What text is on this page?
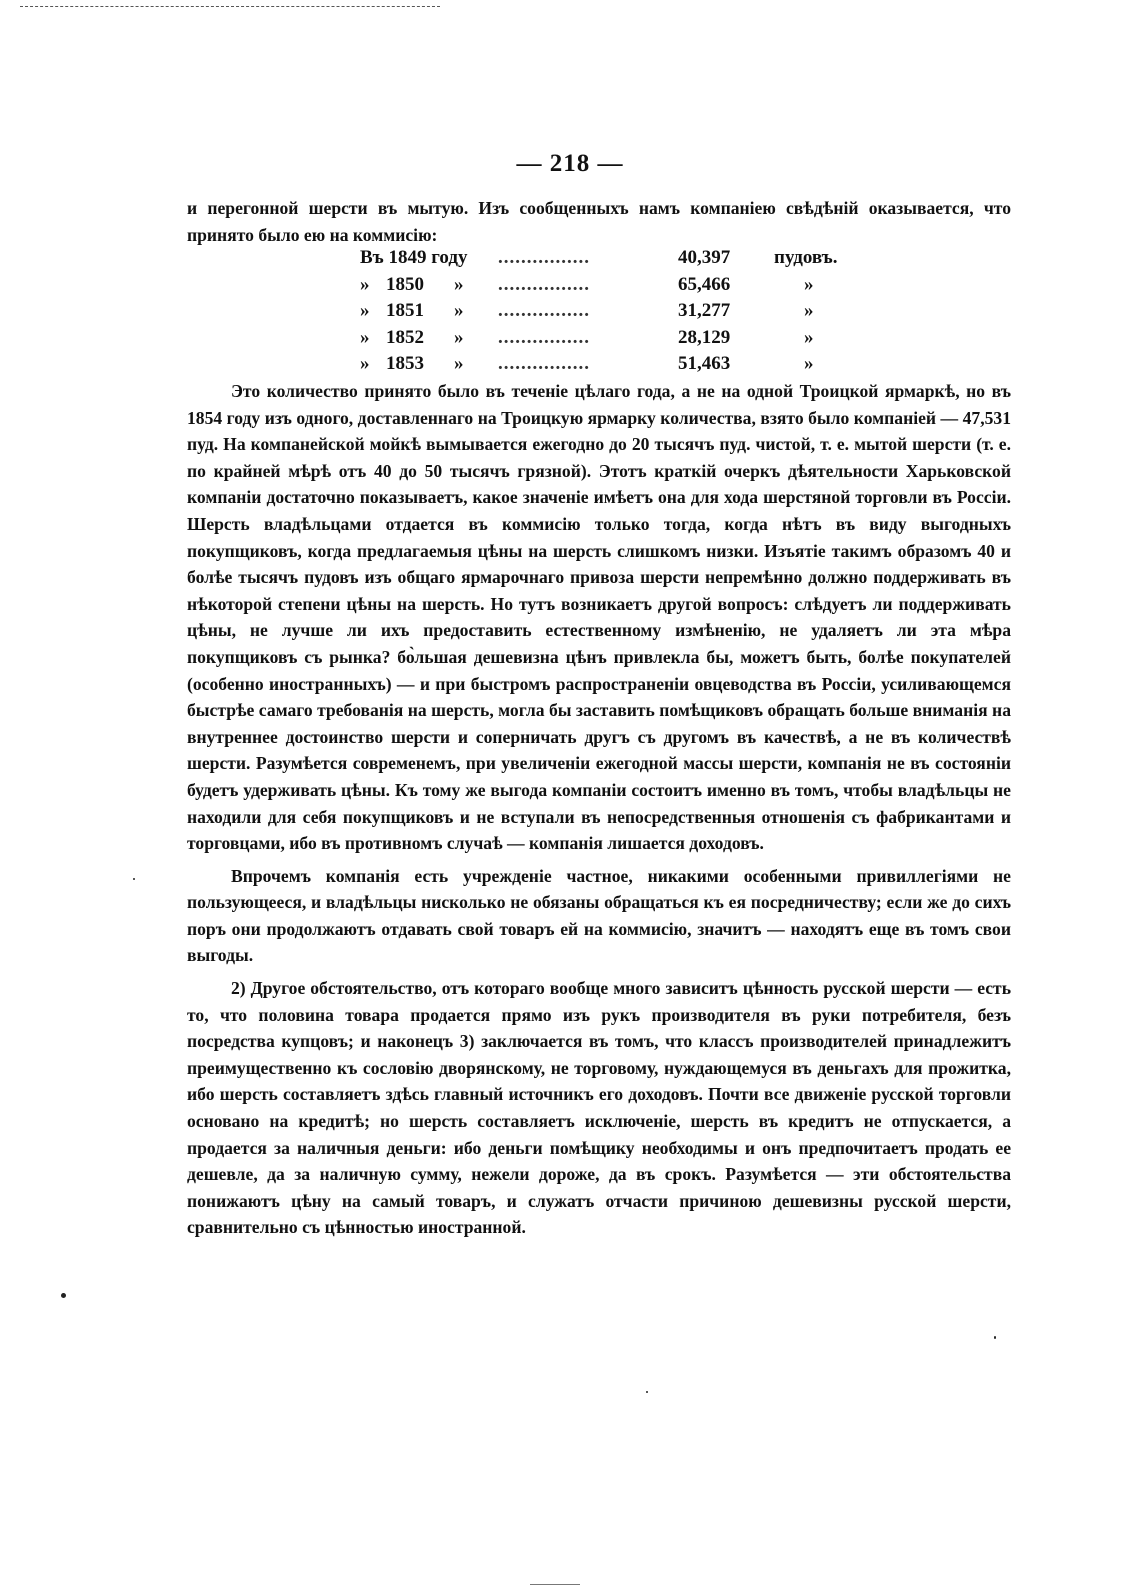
— 218 —

и перегонной шерсти въ мытую. Изъ сообщенныхъ намъ компаніею свѣдѣній оказывается, что принято было ею на коммисію:

Въ 1849 году	................	40,397	пудовъ.
» 1850 »	................	65,466	»
» 1851 »	................	31,277	»
» 1852 »	................	28,129	»
» 1853 »	................	51,463	»

Это количество принято было въ теченіе цѣлаго года, а не на одной Троицкой ярмаркѣ, но въ 1854 году изъ одного, доставленнаго на Троицкую ярмарку количества, взято было компаніей — 47,531 пуд. На компанейской мойкѣ вымывается ежегодно до 20 тысячъ пуд. чистой, т. е. мытой шерсти (т. е. по крайней мѣрѣ отъ 40 до 50 тысячъ грязной). Этотъ краткій очеркъ дѣятельности Харьковской компаніи достаточно показываетъ, какое значеніе имѣетъ она для хода шерстяной торговли въ Россіи. Шерсть владѣльцами отдается въ коммисію только тогда, когда нѣтъ въ виду выгодныхъ покупщиковъ, когда предлагаемыя цѣны на шерсть слишкомъ низки. Изъятіе такимъ образомъ 40 и болѣе тысячъ пудовъ изъ общаго ярмарочнаго привоза шерсти непремѣнно должно поддерживать въ нѣкоторой степени цѣны на шерсть. Но тутъ возникаетъ другой вопросъ: слѣдуетъ ли поддерживать цѣны, не лучше ли ихъ предоставить естественному измѣненію, не удаляетъ ли эта мѣра покупщиковъ съ рынка? бо̀льшая дешевизна цѣнъ привлекла бы, можетъ быть, болѣе покупателей (особенно иностранныхъ) — и при быстромъ распространеніи овцеводства въ Россіи, усиливающемся быстрѣе самаго требованія на шерсть, могла бы заставить помѣщиковъ обращать больше вниманія на внутреннее достоинство шерсти и соперничать другъ съ другомъ въ качествѣ, а не въ количествѣ шерсти. Разумѣется современемъ, при увеличеніи ежегодной массы шерсти, компанія не въ состояніи будетъ удерживать цѣны. Къ тому же выгода компаніи состоитъ именно въ томъ, чтобы владѣльцы не находили для себя покупщиковъ и не вступали въ непосредственныя отношенія съ фабрикантами и торговцами, ибо въ противномъ случаѣ — компанія лишается доходовъ.

Впрочемъ компанія есть учрежденіе частное, никакими особенными привиллегіями не пользующееся, и владѣльцы нисколько не обязаны обращаться къ ея посредничеству; если же до сихъ поръ они продолжаютъ отдавать свой товаръ ей на коммисію, значитъ — находятъ еще въ томъ свои выгоды.

2) Другое обстоятельство, отъ котораго вообще много зависитъ цѣнность русской шерсти — есть то, что половина товара продается прямо изъ рукъ производителя въ руки потребителя, безъ посредства купцовъ; и наконецъ 3) заключается въ томъ, что классъ производителей принадлежитъ преимущественно къ сословію дворянскому, не торговому, нуждающемуся въ деньгахъ для прожитка, ибо шерсть составляетъ здѣсь главный источникъ его доходовъ. Почти все движеніе русской торговли основано на кредитѣ; но шерсть составляетъ исключеніе, шерсть въ кредитъ не отпускается, а продается за наличныя деньги: ибо деньги помѣщику необходимы и онъ предпочитаетъ продать ее дешевле, да за наличную сумму, нежели дороже, да въ срокъ. Разумѣется — эти обстоятельства понижаютъ цѣну на самый товаръ, и служатъ отчасти причиною дешевизны русской шерсти, сравнительно съ цѣнностью иностранной.
